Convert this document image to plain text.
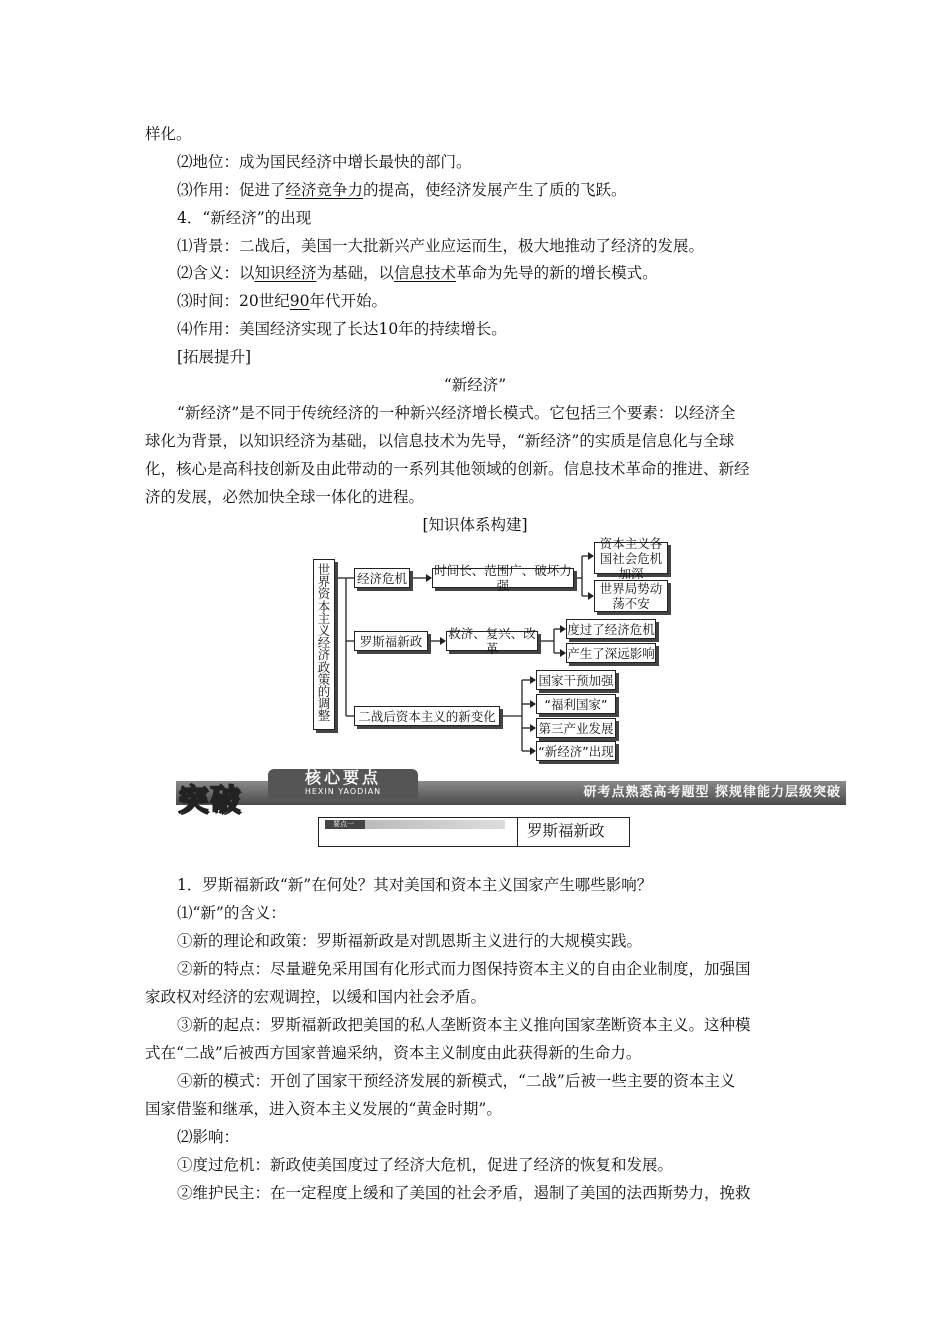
样化。
⑵地位：成为国民经济中增长最快的部门。
⑶作用：促进了经济竞争力的提高，使经济发展产生了质的飞跃。
4．“新经济”的出现
⑴背景：二战后，美国一大批新兴产业应运而生，极大地推动了经济的发展。
⑵含义：以知识经济为基础，以信息技术革命为先导的新的增长模式。
⑶时间：20世纪90年代开始。
⑷作用：美国经济实现了长达10年的持续增长。
[拓展提升]
“新经济”
“新经济”是不同于传统经济的一种新兴经济增长模式。它包括三个要素：以经济全
球化为背景，以知识经济为基础，以信息技术为先导，“新经济”的实质是信息化与全球
化，核心是高科技创新及由此带动的一系列其他领域的创新。信息技术革命的推进、新经
济的发展，必然加快全球一体化的进程。
[知识体系构建]
世界资本主义经济政策的调整
经济危机 时间长、范围广、破坏力强
资本主义各国社会危机加深
世界局势动荡不安
罗斯福新政	救济、复兴、改革
度过了经济危机
产生了深远影响
二战后资本主义的新变化
国家干预加强
“福利国家”
第三产业发展
“新经济”出现
突破
核心要点
HEXIN YAODIAN	研考点熟悉高考题型 探规律能力层级突破
要点一	罗斯福新政
1．罗斯福新政“新”在何处？其对美国和资本主义国家产生哪些影响？
⑴“新”的含义：
①新的理论和政策：罗斯福新政是对凯恩斯主义进行的大规模实践。
②新的特点：尽量避免采用国有化形式而力图保持资本主义的自由企业制度，加强国
家政权对经济的宏观调控，以缓和国内社会矛盾。
③新的起点：罗斯福新政把美国的私人垄断资本主义推向国家垄断资本主义。这种模
式在“二战”后被西方国家普遍采纳，资本主义制度由此获得新的生命力。
④新的模式：开创了国家干预经济发展的新模式，“二战”后被一些主要的资本主义
国家借鉴和继承，进入资本主义发展的“黄金时期”。
⑵影响：
①度过危机：新政使美国度过了经济大危机，促进了经济的恢复和发展。
②维护民主：在一定程度上缓和了美国的社会矛盾，遏制了美国的法西斯势力，挽救
